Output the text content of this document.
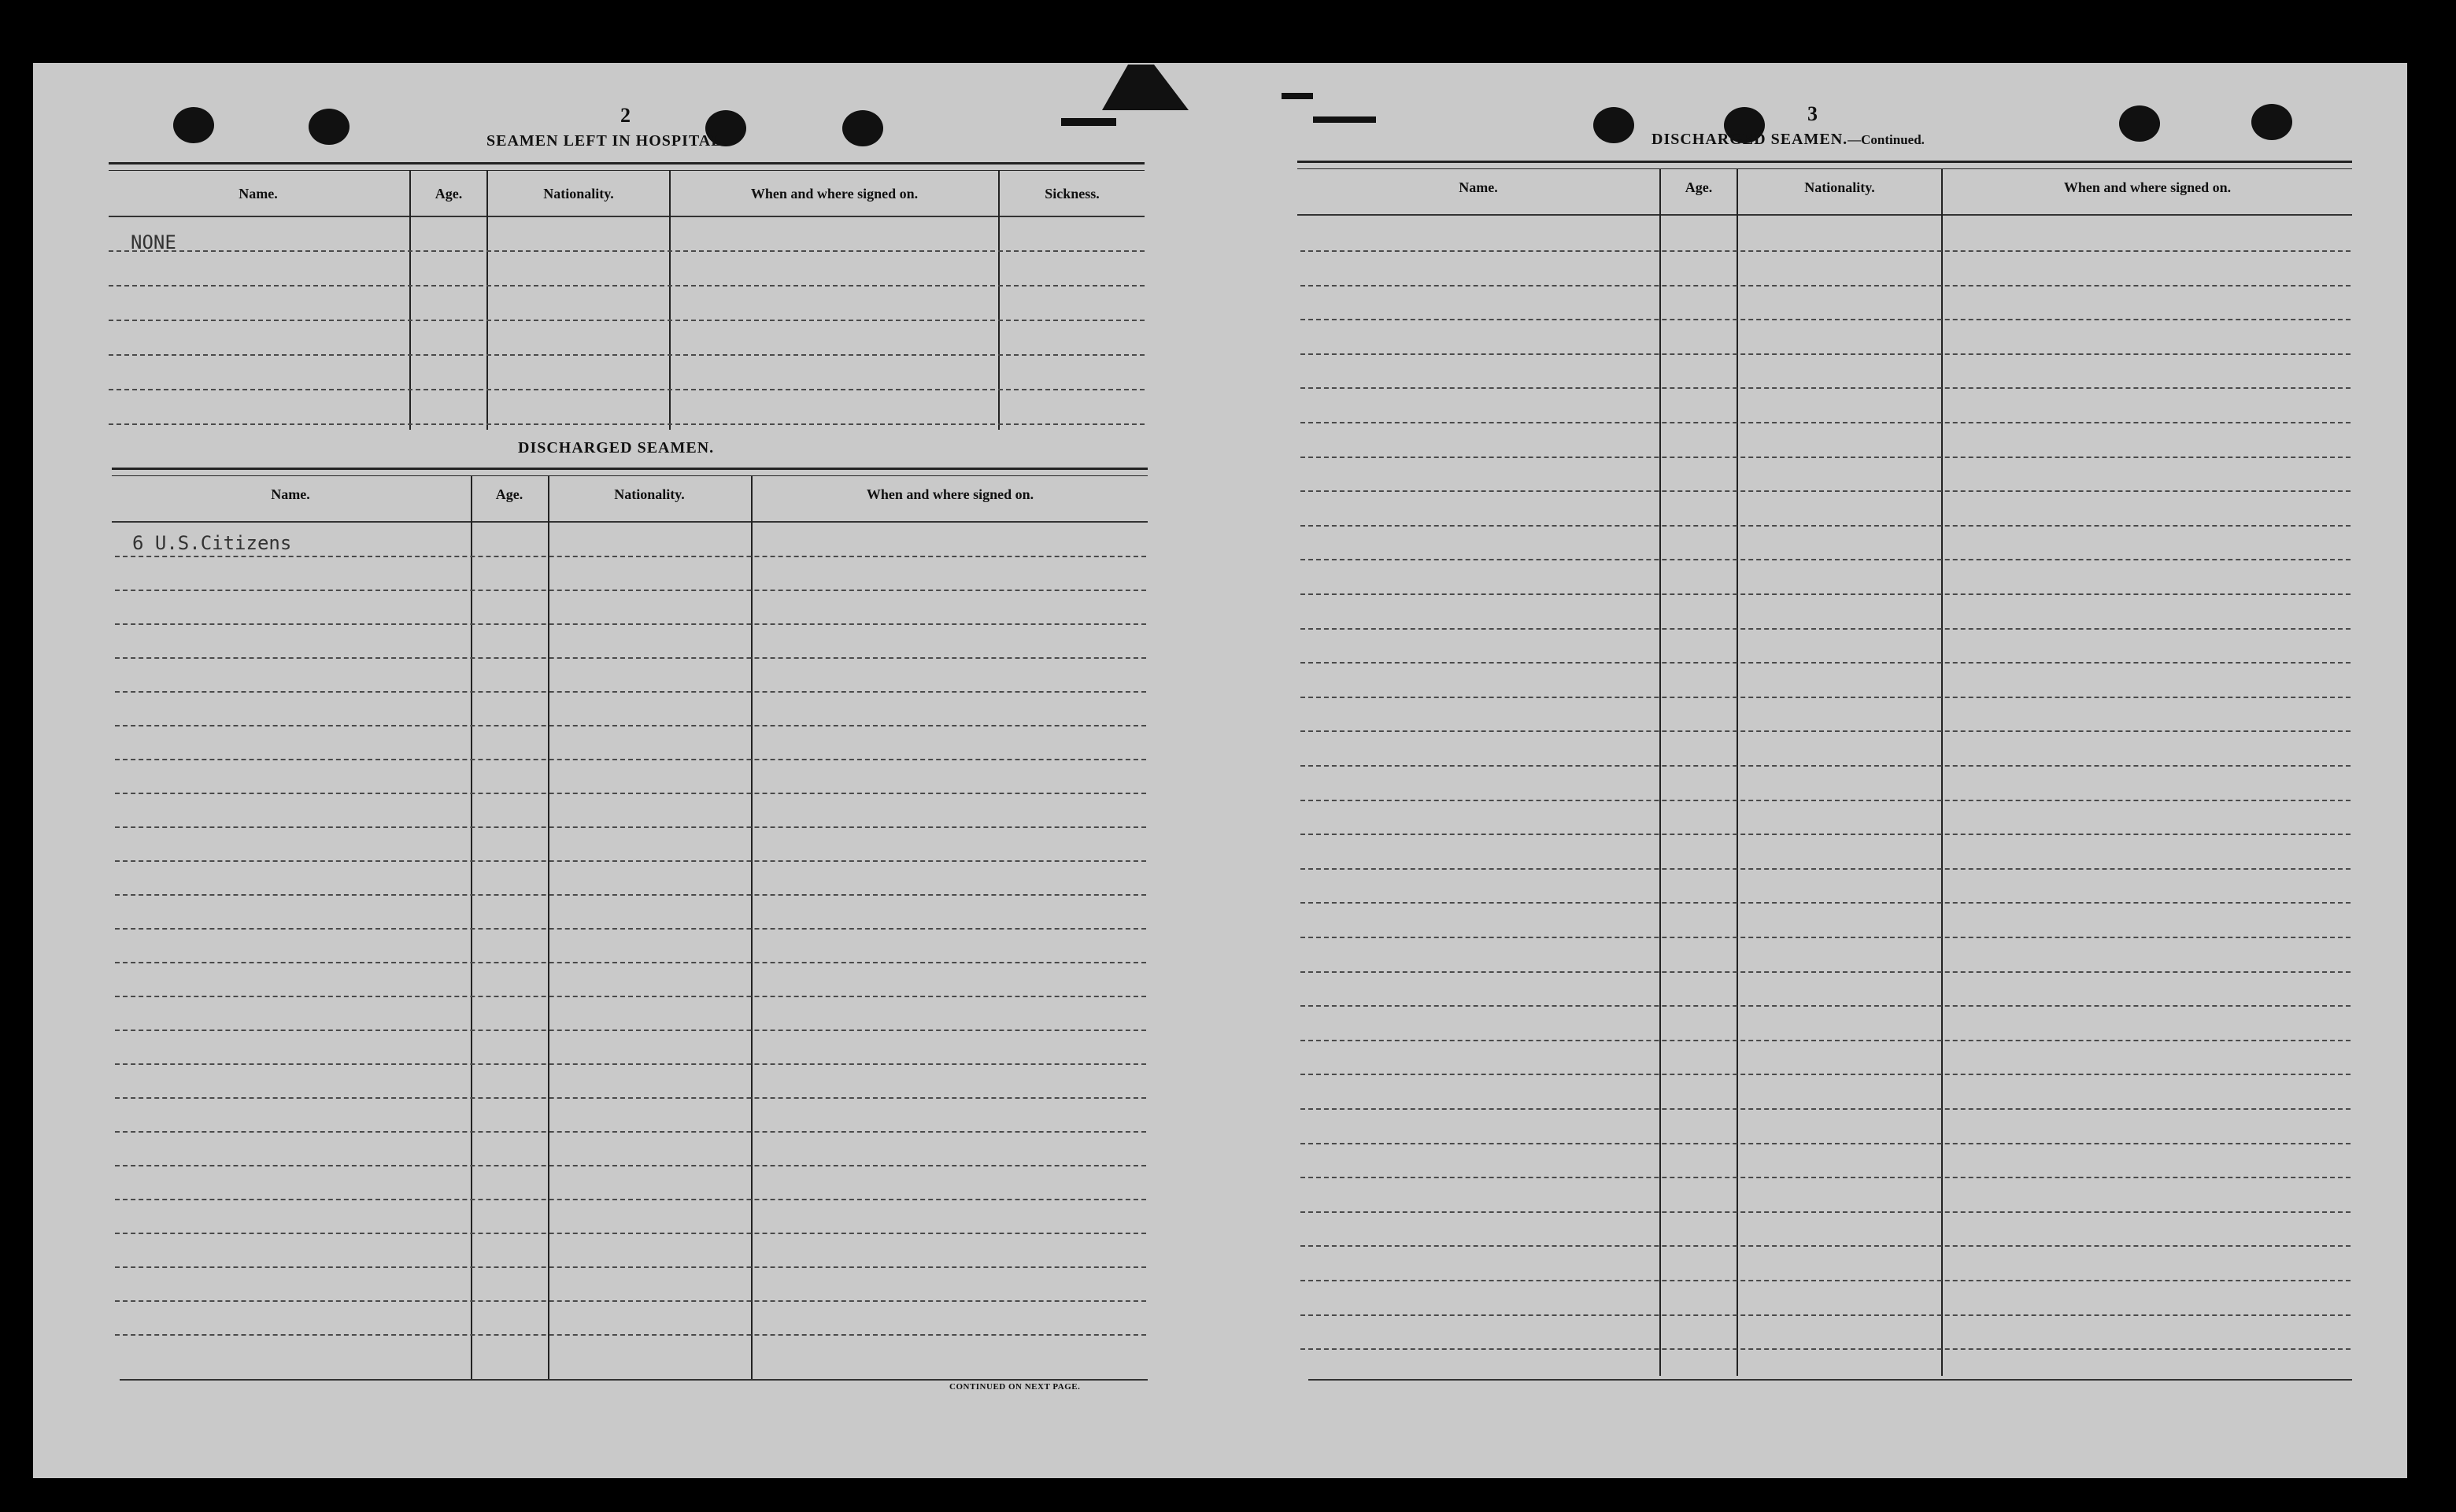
2
SEAMEN LEFT IN HOSPITAL.
Name.	Age.	Nationality.	When and where signed on.	Sickness.
NONE
DISCHARGED SEAMEN.
Name.	Age.	Nationality.	When and where signed on.
6 U.S.Citizens
CONTINUED ON NEXT PAGE.
3
DISCHARGED SEAMEN.—Continued.
Name.	Age.	Nationality.	When and where signed on.
